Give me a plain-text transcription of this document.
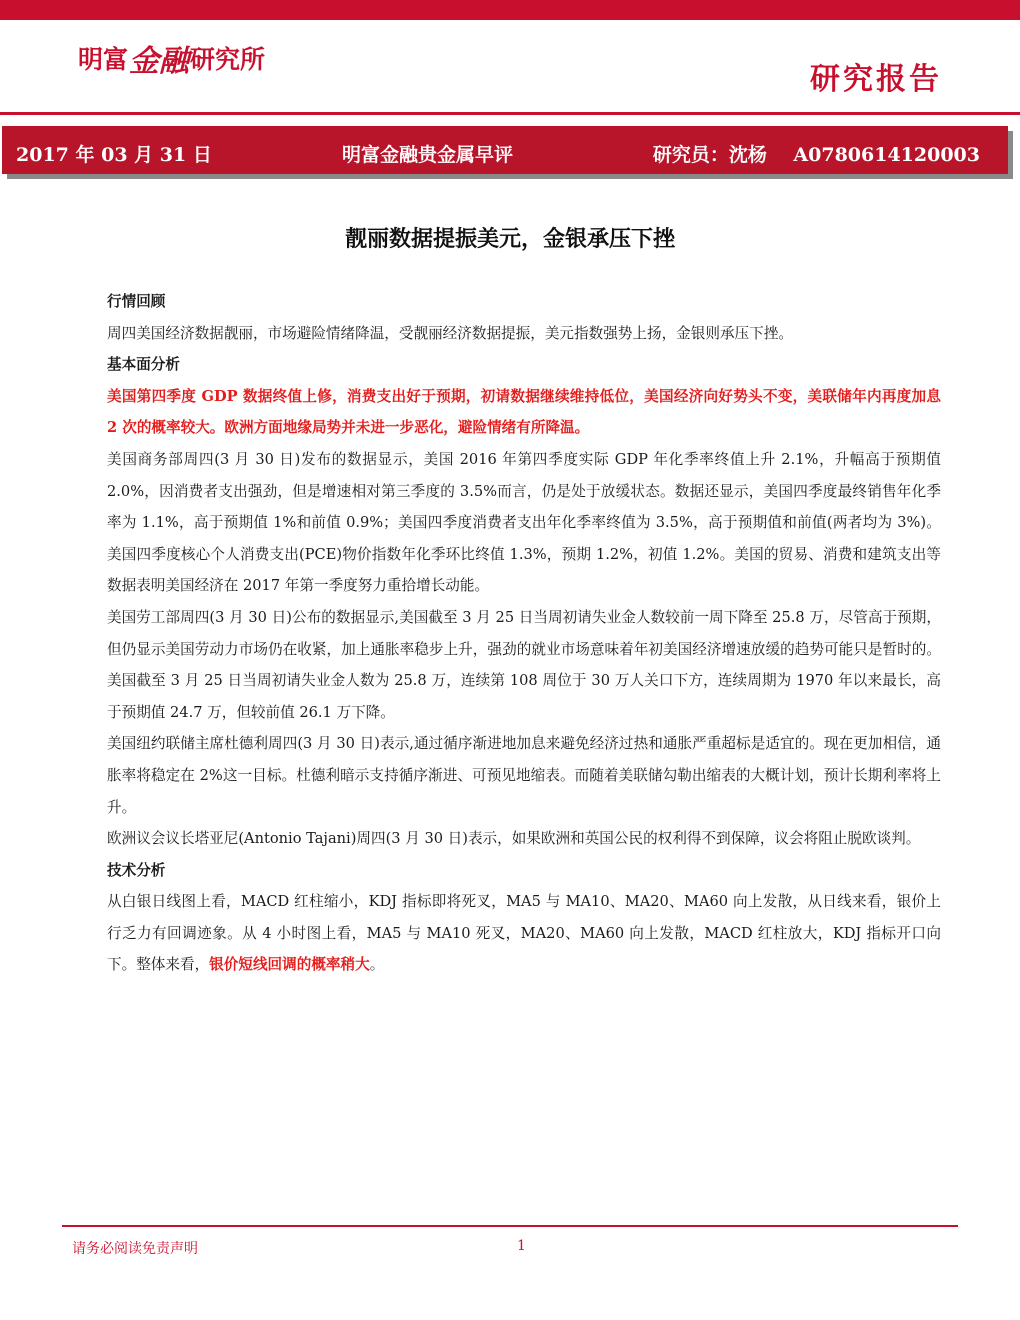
明富 金融 研究所
研究报告
2017 年 03 月 31 日	明富金融贵金属早评	研究员：沈杨    A0780614120003
靓丽数据提振美元，金银承压下挫
行情回顾

周四美国经济数据靓丽，市场避险情绪降温，受靓丽经济数据提振，美元指数强势上扬，金银则承压下挫。

基本面分析

美国第四季度 GDP 数据终值上修，消费支出好于预期，初请数据继续维持低位，美国经济向好势头不变，美联储年内再度加息 2 次的概率较大。欧洲方面地缘局势并未进一步恶化，避险情绪有所降温。

美国商务部周四(3 月 30 日)发布的数据显示，美国 2016 年第四季度实际 GDP 年化季率终值上升 2.1%，升幅高于预期值 2.0%，因消费者支出强劲，但是增速相对第三季度的 3.5%而言，仍是处于放缓状态。数据还显示，美国四季度最终销售年化季率为 1.1%，高于预期值 1%和前值 0.9%；美国四季度消费者支出年化季率终值为 3.5%，高于预期值和前值(两者均为 3%)。美国四季度核心个人消费支出(PCE)物价指数年化季环比终值 1.3%，预期 1.2%，初值 1.2%。美国的贸易、消费和建筑支出等数据表明美国经济在 2017 年第一季度努力重拾增长动能。

美国劳工部周四(3 月 30 日)公布的数据显示,美国截至 3 月 25 日当周初请失业金人数较前一周下降至 25.8 万，尽管高于预期，但仍显示美国劳动力市场仍在收紧，加上通胀率稳步上升，强劲的就业市场意味着年初美国经济增速放缓的趋势可能只是暂时的。美国截至 3 月 25 日当周初请失业金人数为 25.8 万，连续第 108 周位于 30 万人关口下方，连续周期为 1970 年以来最长，高于预期值 24.7 万，但较前值 26.1 万下降。

美国纽约联储主席杜德利周四(3 月 30 日)表示,通过循序渐进地加息来避免经济过热和通胀严重超标是适宜的。现在更加相信，通胀率将稳定在 2%这一目标。杜德利暗示支持循序渐进、可预见地缩表。而随着美联储勾勒出缩表的大概计划，预计长期利率将上升。

欧洲议会议长塔亚尼(Antonio Tajani)周四(3 月 30 日)表示，如果欧洲和英国公民的权利得不到保障，议会将阻止脱欧谈判。

技术分析

从白银日线图上看，MACD 红柱缩小，KDJ 指标即将死叉，MA5 与 MA10、MA20、MA60 向上发散，从日线来看，银价上行乏力有回调迹象。从 4 小时图上看，MA5 与 MA10 死叉，MA20、MA60 向上发散，MACD 红柱放大，KDJ 指标开口向下。整体来看，银价短线回调的概率稍大。

请务必阅读免责声明	1
